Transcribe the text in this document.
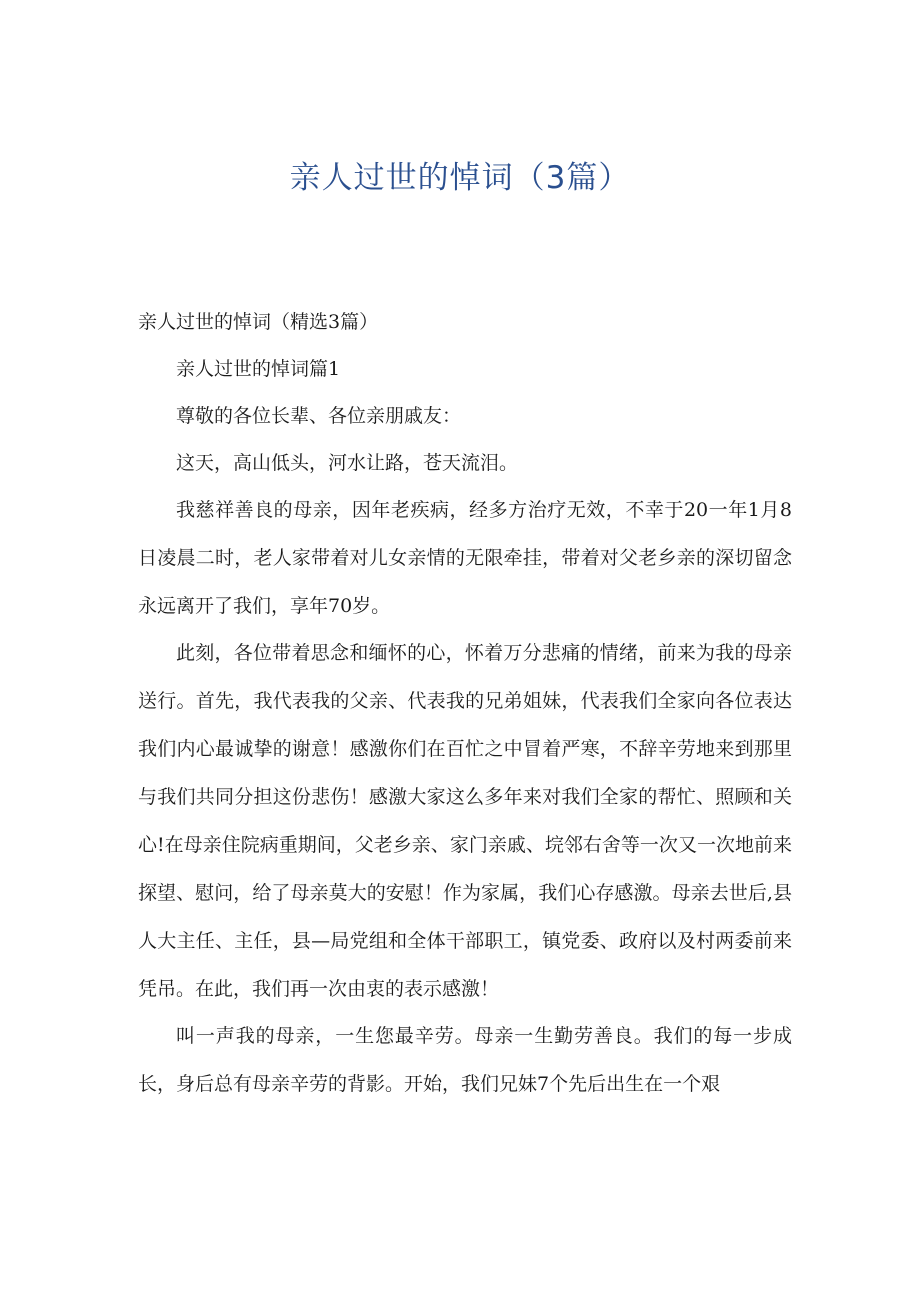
亲人过世的悼词（3篇）

亲人过世的悼词（精选3篇）

亲人过世的悼词篇1

尊敬的各位长辈、各位亲朋戚友：

这天，高山低头，河水让路，苍天流泪。

我慈祥善良的母亲，因年老疾病，经多方治疗无效，不幸于20一年1月8日凌晨二时，老人家带着对儿女亲情的无限牵挂，带着对父老乡亲的深切留念永远离开了我们，享年70岁。

此刻，各位带着思念和缅怀的心，怀着万分悲痛的情绪，前来为我的母亲送行。首先，我代表我的父亲、代表我的兄弟姐妹，代表我们全家向各位表达我们内心最诚挚的谢意！感激你们在百忙之中冒着严寒，不辞辛劳地来到那里与我们共同分担这份悲伤！感激大家这么多年来对我们全家的帮忙、照顾和关心!在母亲住院病重期间，父老乡亲、家门亲戚、垸邻右舍等一次又一次地前来探望、慰问，给了母亲莫大的安慰！作为家属，我们心存感激。母亲去世后,县人大主任、主任，县—局党组和全体干部职工，镇党委、政府以及村两委前来凭吊。在此，我们再一次由衷的表示感激！

叫一声我的母亲，一生您最辛劳。母亲一生勤劳善良。我们的每一步成长，身后总有母亲辛劳的背影。开始，我们兄妹7个先后出生在一个艰
